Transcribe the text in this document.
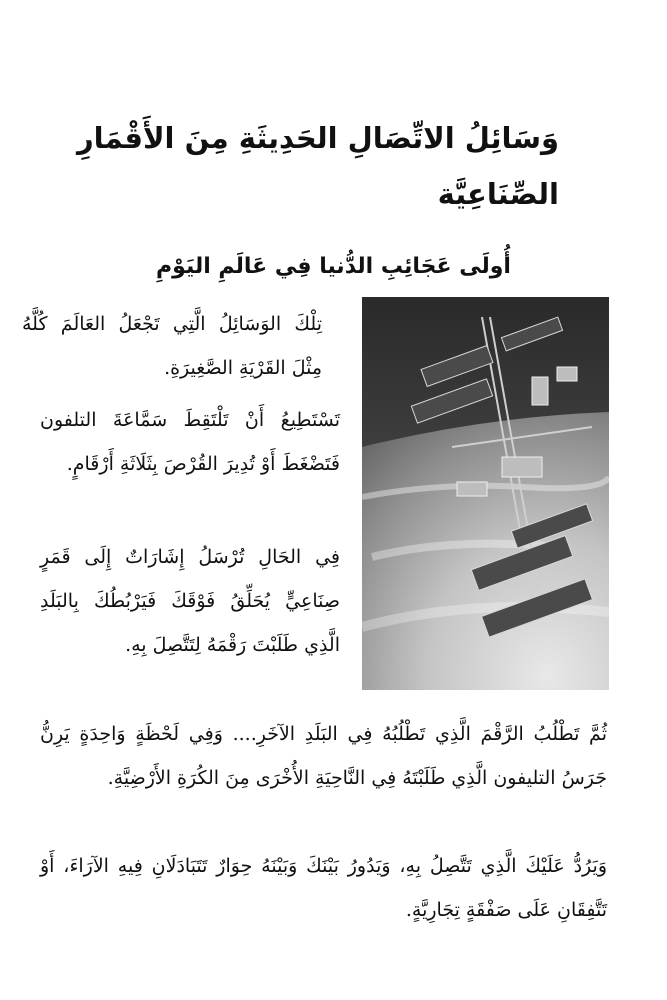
وَسَائِلُ الاتِّصَالِ الحَدِيثَةِ مِنَ الأَقْمَارِ الصِّنَاعِيَّة
أُولَى عَجَائِبِ الدُّنيا فِي عَالَمِ اليَوْمِ

تِلْكَ الوَسَائِلُ الَّتِي تَجْعَلُ العَالَمَ كُلَّهُ مِثْلَ القَرْيَةِ الصَّغِيرَةِ.

تَسْتَطِيعُ أَنْ تَلْتَقِطَ سَمَّاعَةَ التلفون فَتَضْغَطَ أَوْ تُدِيرَ القُرْصَ بِثَلَاثَةِ أَرْقَامٍ.

فِي الحَالِ تُرْسَلُ إِشَارَاتٌ إِلَى قَمَرٍ صِنَاعِيٍّ يُحَلِّقُ فَوْقَكَ فَيَرْبُطُكَ بِالبَلَدِ الَّذِي طَلَبْتَ رَقْمَهُ لِتَتَّصِلَ بِهِ.

ثُمَّ تَطْلُبُ الرَّقْمَ الَّذِي تَطْلُبُهُ فِي البَلَدِ الآخَرِ.... وَفِي لَحْظَةٍ وَاحِدَةٍ يَرِنُّ جَرَسُ التليفون الَّذِي طَلَبْتَهُ فِي النَّاحِيَةِ الأُخْرَى مِنَ الكُرَةِ الأَرْضِيَّةِ.

وَيَرُدُّ عَلَيْكَ الَّذِي تَتَّصِلُ بِهِ، وَيَدُورُ بَيْنَكَ وَبَيْنَهُ حِوَارٌ تَتَبَادَلَانِ فِيهِ الآرَاءَ، أَوْ تَتَّفِقَانِ عَلَى صَفْقَةٍ تِجَارِيَّةٍ.
